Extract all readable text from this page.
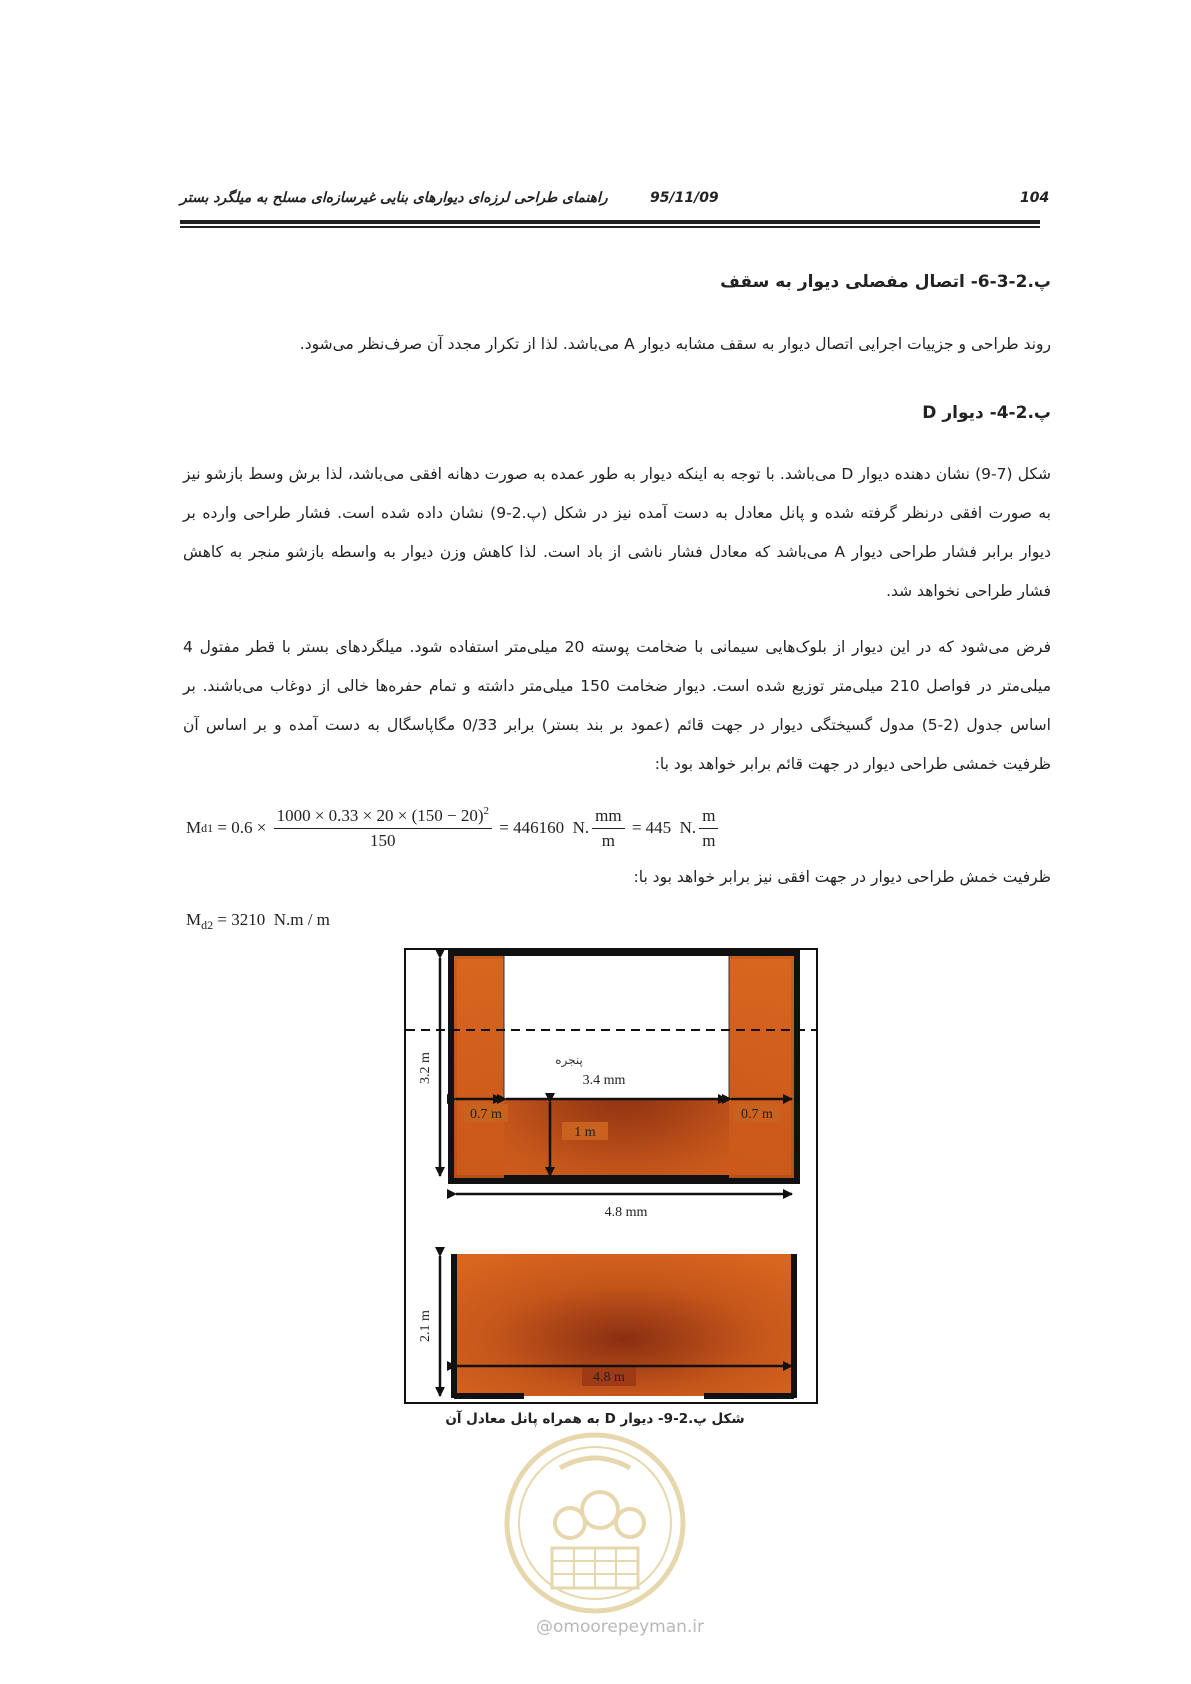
104
95/11/09
راهنمای طراحی لرزه‌ای دیوارهای بنایی غیرسازه‌ای مسلح به میلگرد بستر
پ.2-3-6- اتصال مفصلی دیوار به سقف
روند طراحی و جزییات اجرایی اتصال دیوار به سقف مشابه دیوار A می‌باشد. لذا از تکرار مجدد آن صرف‌نظر می‌شود.
پ.2-4- دیوار D
شکل (7-9) نشان دهنده دیوار D می‌باشد. با توجه به اینکه دیوار به طور عمده به صورت دهانه افقی می‌باشد، لذا برش وسط بازشو نیز به صورت افقی درنظر گرفته شده و پانل معادل به دست آمده نیز در شکل (پ.2-9) نشان داده شده است. فشار طراحی وارده بر دیوار برابر فشار طراحی دیوار A می‌باشد که معادل فشار ناشی از باد است. لذا کاهش وزن دیوار به واسطه بازشو منجر به کاهش فشار طراحی نخواهد شد.
فرض می‌شود که در این دیوار از بلوک‌هایی سیمانی با ضخامت پوسته 20 میلی‌متر استفاده شود. میلگردهای بستر با قطر مفتول 4 میلی‌متر در فواصل 210 میلی‌متر توزیع شده است. دیوار ضخامت 150 میلی‌متر داشته و تمام حفره‌ها خالی از دوغاب می‌باشند. بر اساس جدول (2-5) مدول گسیختگی دیوار در جهت قائم (عمود بر بند بستر) برابر 0/33 مگاپاسگال به دست آمده و بر اساس آن ظرفیت خمشی طراحی دیوار در جهت قائم برابر خواهد بود با:
M $d1 = 0.6 \times \frac{1000 \times 0.33 \times 20 \times (150 - 20)^2}{150} = 446160$  N. $\frac{mm}{m} = 445$  N. $\frac{m}{m}$
ظرفیت خمش طراحی دیوار در جهت افقی نیز برابر خواهد بود با:
$M_{d2} = 3210$  N.m / m
پنجره
3.4 mm
0.7 m	0.7 m
1 m
3.2 m
4.8 mm
2.1 m
4.8 m
شکل پ.2-9- دیوار D به همراه پانل معادل آن
@omoorepeyman.ir
